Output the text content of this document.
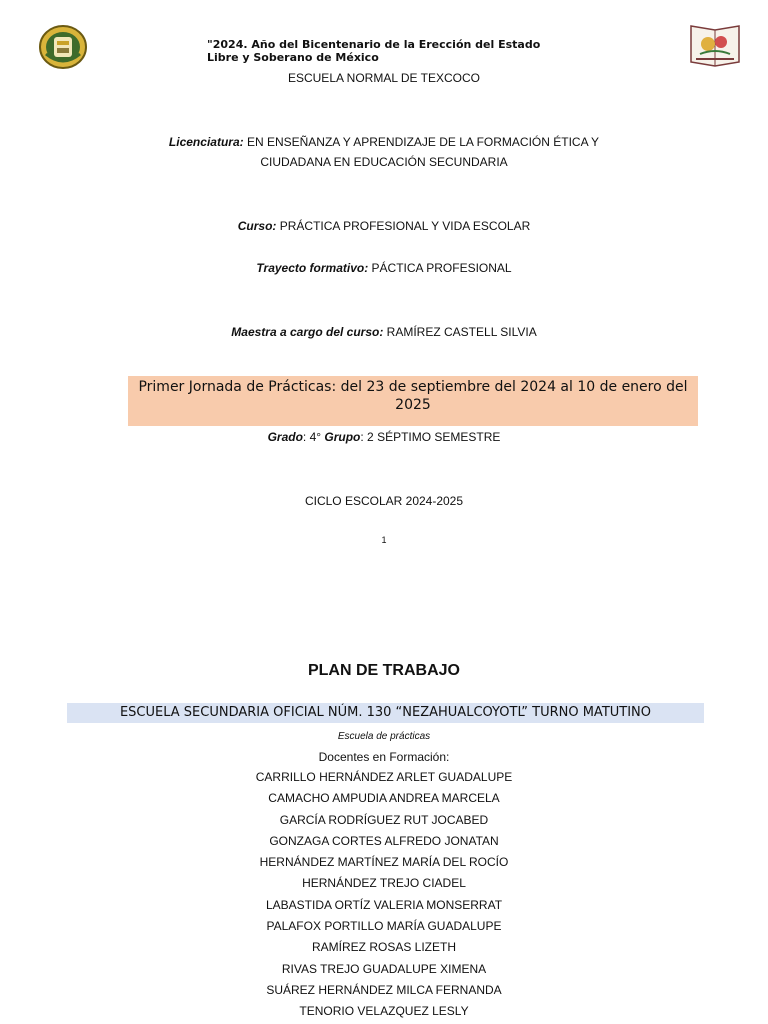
"2024. Año del Bicentenario de la Erección del Estado
Libre y Soberano de México
ESCUELA NORMAL DE TEXCOCO
Licenciatura: EN ENSEÑANZA Y APRENDIZAJE DE LA FORMACIÓN ÉTICA Y
CIUDADANA EN EDUCACIÓN SECUNDARIA
Curso: PRÁCTICA PROFESIONAL Y VIDA ESCOLAR
Trayecto formativo: PÁCTICA PROFESIONAL
Maestra a cargo del curso: RAMÍREZ CASTELL SILVIA
Primer Jornada de Prácticas: del 23 de septiembre del 2024 al 10 de enero del 2025
Grado: 4° Grupo: 2 SÉPTIMO SEMESTRE
CICLO ESCOLAR 2024-2025
1
PLAN DE TRABAJO
ESCUELA SECUNDARIA OFICIAL NÚM. 130 “NEZAHUALCOYOTL” TURNO MATUTINO
Escuela de prácticas
Docentes en Formación:
CARRILLO HERNÁNDEZ ARLET GUADALUPE
CAMACHO AMPUDIA ANDREA MARCELA
GARCÍA RODRÍGUEZ RUT JOCABED
GONZAGA CORTES ALFREDO JONATAN
HERNÁNDEZ MARTÍNEZ MARÍA DEL ROCÍO
HERNÁNDEZ TREJO CIADEL
LABASTIDA ORTÍZ VALERIA MONSERRAT
PALAFOX PORTILLO MARÍA GUADALUPE
RAMÍREZ ROSAS LIZETH
RIVAS TREJO GUADALUPE XIMENA
SUÁREZ HERNÁNDEZ MILCA FERNANDA
TENORIO VELAZQUEZ LESLY
